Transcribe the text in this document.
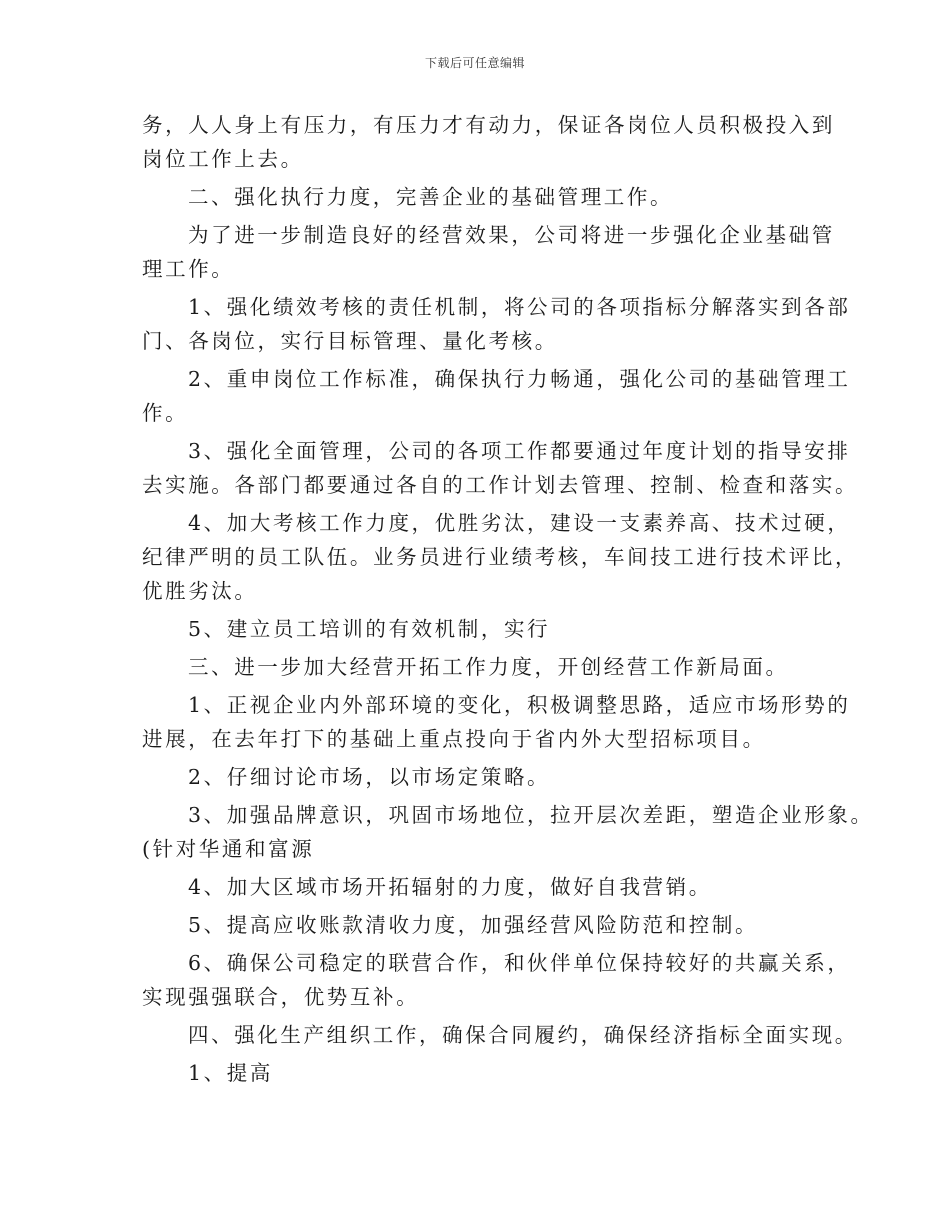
下载后可任意编辑

务，人人身上有压力，有压力才有动力，保证各岗位人员积极投入到

岗位工作上去。

二、强化执行力度，完善企业的基础管理工作。

为了进一步制造良好的经营效果，公司将进一步强化企业基础管

理工作。

1、强化绩效考核的责任机制，将公司的各项指标分解落实到各部

门、各岗位，实行目标管理、量化考核。

2、重申岗位工作标准，确保执行力畅通，强化公司的基础管理工

作。

3、强化全面管理，公司的各项工作都要通过年度计划的指导安排

去实施。各部门都要通过各自的工作计划去管理、控制、检查和落实。

4、加大考核工作力度，优胜劣汰，建设一支素养高、技术过硬，

纪律严明的员工队伍。业务员进行业绩考核，车间技工进行技术评比，

优胜劣汰。

5、建立员工培训的有效机制，实行

三、进一步加大经营开拓工作力度，开创经营工作新局面。

1、正视企业内外部环境的变化，积极调整思路，适应市场形势的

进展，在去年打下的基础上重点投向于省内外大型招标项目。

2、仔细讨论市场，以市场定策略。

3、加强品牌意识，巩固市场地位，拉开层次差距，塑造企业形象。

(针对华通和富源

4、加大区域市场开拓辐射的力度，做好自我营销。

5、提高应收账款清收力度，加强经营风险防范和控制。

6、确保公司稳定的联营合作，和伙伴单位保持较好的共赢关系，

实现强强联合，优势互补。

四、强化生产组织工作，确保合同履约，确保经济指标全面实现。

1、提高
